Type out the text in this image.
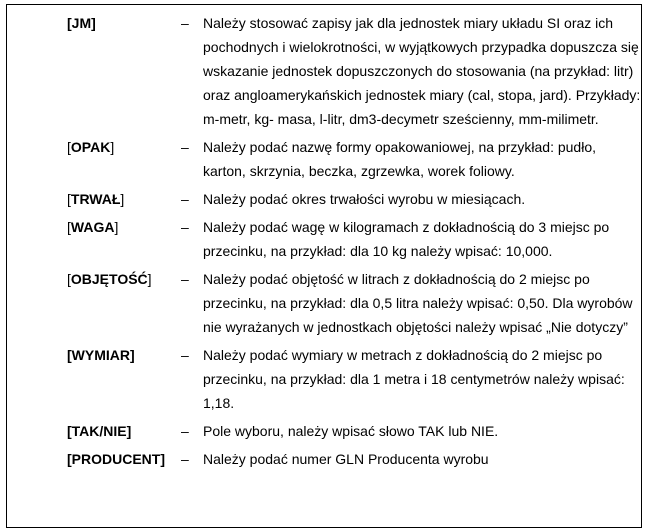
[JM]	–	Należy stosować zapisy jak dla jednostek miary układu SI oraz ich pochodnych i wielokrotności, w wyjątkowych przypadka dopuszcza się wskazanie jednostek dopuszczonych do stosowania (na przykład: litr) oraz angloamerykańskich jednostek miary (cal, stopa, jard). Przykłady: m-metr, kg- masa, l-litr, dm3-decymetr sześcienny, mm-milimetr.
[OPAK]	–	Należy podać nazwę formy opakowaniowej, na przykład: pudło, karton, skrzynia, beczka, zgrzewka, worek foliowy.
[TRWAŁ]	–	Należy podać okres trwałości wyrobu w miesiącach.
[WAGA]	–	Należy podać wagę w kilogramach z dokładnością do 3 miejsc po przecinku, na przykład: dla 10 kg należy wpisać: 10,000.
[OBJĘTOŚĆ]	–	Należy podać objętość w litrach z dokładnością do 2 miejsc po przecinku, na przykład: dla 0,5 litra należy wpisać: 0,50. Dla wyrobów nie wyrażanych w jednostkach objętości należy wpisać „Nie dotyczy”
[WYMIAR]	–	Należy podać wymiary w metrach z dokładnością do 2 miejsc po przecinku, na przykład: dla 1 metra i 18 centymetrów należy wpisać: 1,18.
[TAK/NIE]	–	Pole wyboru, należy wpisać słowo TAK lub NIE.
[PRODUCENT]	–	Należy podać numer GLN Producenta wyrobu
